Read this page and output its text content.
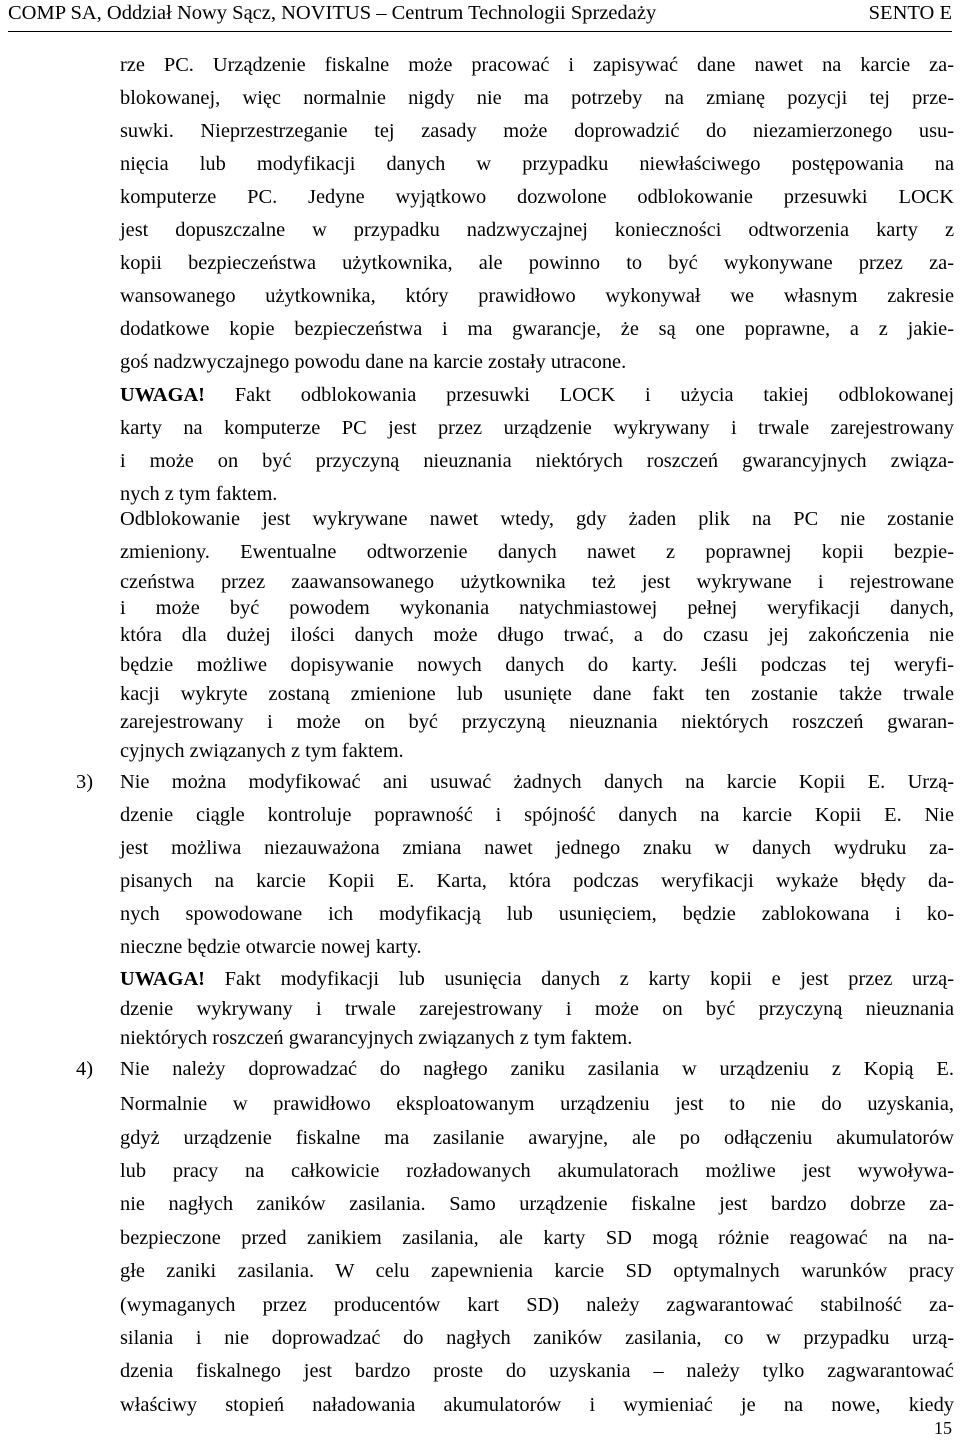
COMP SA, Oddział Nowy Sącz, NOVITUS – Centrum Technologii Sprzedaży	SENTO E
rze PC. Urządzenie fiskalne może pracować i zapisywać dane nawet na karcie za-
blokowanej, więc normalnie nigdy nie ma potrzeby na zmianę pozycji tej prze-
suwki. Nieprzestrzeganie tej zasady może doprowadzić do niezamierzonego usu-
nięcia lub modyfikacji danych w przypadku niewłaściwego postępowania na
komputerze PC. Jedyne wyjątkowo dozwolone odblokowanie przesuwki LOCK
jest dopuszczalne w przypadku nadzwyczajnej konieczności odtworzenia karty z
kopii bezpieczeństwa użytkownika, ale powinno to być wykonywane przez za-
wansowanego użytkownika, który prawidłowo wykonywał we własnym zakresie
dodatkowe kopie bezpieczeństwa i ma gwarancje, że są one poprawne, a z jakie-
goś nadzwyczajnego powodu dane na karcie zostały utracone.
UWAGA! Fakt odblokowania przesuwki LOCK i użycia takiej odblokowanej
karty na komputerze PC jest przez urządzenie wykrywany i trwale zarejestrowany
i może on być przyczyną nieuznania niektórych roszczeń gwarancyjnych związa-
nych z tym faktem.
Odblokowanie jest wykrywane nawet wtedy, gdy żaden plik na PC nie zostanie
zmieniony. Ewentualne odtworzenie danych nawet z poprawnej kopii bezpie-
czeństwa przez zaawansowanego użytkownika też jest wykrywane i rejestrowane
i może być powodem wykonania natychmiastowej pełnej weryfikacji danych,
która dla dużej ilości danych może długo trwać, a do czasu jej zakończenia nie
będzie możliwe dopisywanie nowych danych do karty. Jeśli podczas tej weryfi-
kacji wykryte zostaną zmienione lub usunięte dane fakt ten zostanie także trwale
zarejestrowany i może on być przyczyną nieuznania niektórych roszczeń gwaran-
cyjnych związanych z tym faktem.
3) Nie można modyfikować ani usuwać żadnych danych na karcie Kopii E. Urzą-
dzenie ciągle kontroluje poprawność i spójność danych na karcie Kopii E. Nie
jest możliwa niezauważona zmiana nawet jednego znaku w danych wydruku za-
pisanych na karcie Kopii E. Karta, która podczas weryfikacji wykaże błędy da-
nych spowodowane ich modyfikacją lub usunięciem, będzie zablokowana i ko-
nieczne będzie otwarcie nowej karty.
UWAGA! Fakt modyfikacji lub usunięcia danych z karty kopii e jest przez urzą-
dzenie wykrywany i trwale zarejestrowany i może on być przyczyną nieuznania
niektórych roszczeń gwarancyjnych związanych z tym faktem.
4) Nie należy doprowadzać do nagłego zaniku zasilania w urządzeniu z Kopią E.
Normalnie w prawidłowo eksploatowanym urządzeniu jest to nie do uzyskania,
gdyż urządzenie fiskalne ma zasilanie awaryjne, ale po odłączeniu akumulatorów
lub pracy na całkowicie rozładowanych akumulatorach możliwe jest wywoływa-
nie nagłych zaników zasilania. Samo urządzenie fiskalne jest bardzo dobrze za-
bezpieczone przed zanikiem zasilania, ale karty SD mogą różnie reagować na na-
głe zaniki zasilania. W celu zapewnienia karcie SD optymalnych warunków pracy
(wymaganych przez producentów kart SD) należy zagwarantować stabilność za-
silania i nie doprowadzać do nagłych zaników zasilania, co w przypadku urzą-
dzenia fiskalnego jest bardzo proste do uzyskania – należy tylko zagwarantować
właściwy stopień naładowania akumulatorów i wymieniać je na nowe, kiedy
15
